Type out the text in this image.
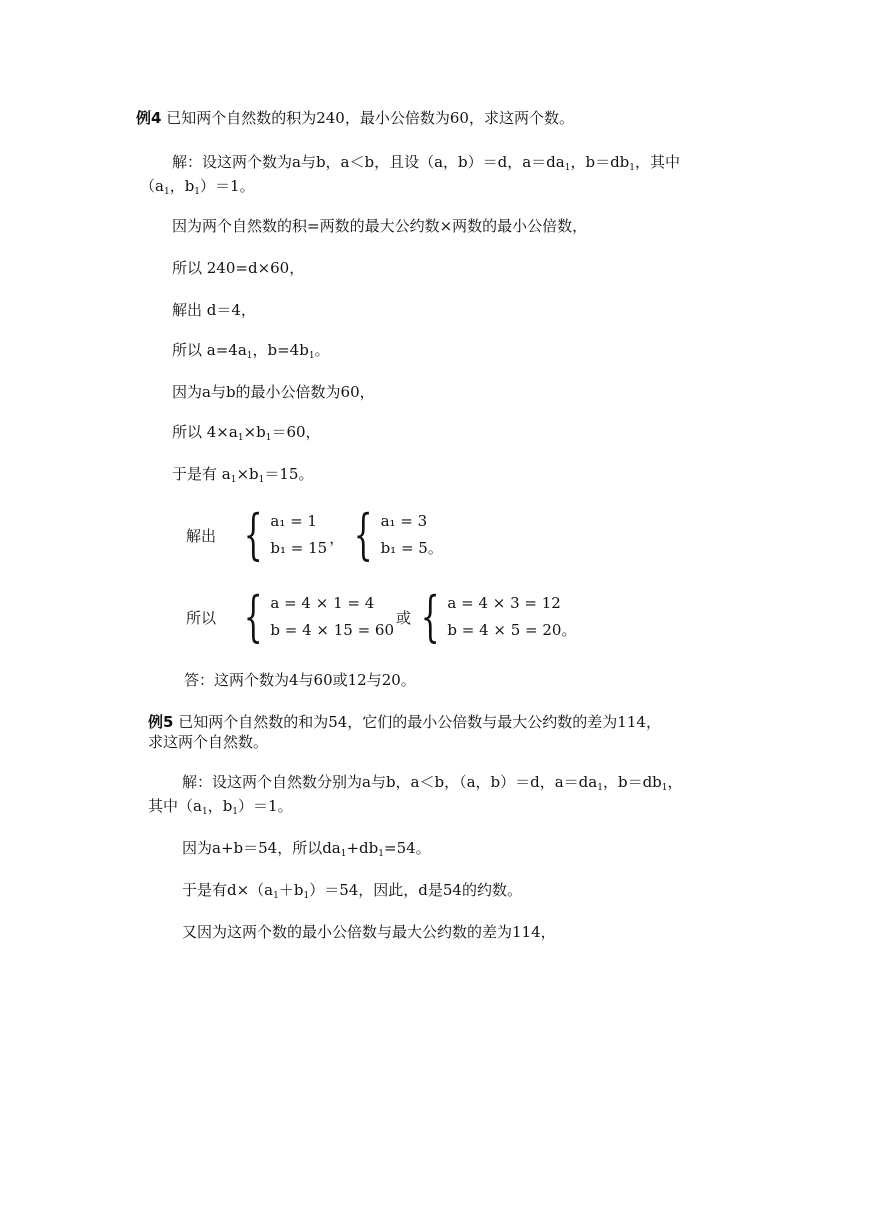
例4 已知两个自然数的积为240，最小公倍数为60，求这两个数。
解：设这两个数为a与b，a＜b，且设（a，b）＝d，$a=da_1$，$b=db_1$，其中
（$a_1$，$b_1)=1$。
因为两个自然数的积=两数的最大公约数×两数的最小公倍数，
所以 240=d×60，
解出 d＝4，
所以 $a=4a_1$，$b=4b_1$。
因为a与b的最小公倍数为60，
所以 $4\times a_1\times b_1=60$，
于是有 $a_1\times b_1=15$。
解出 { a₁ = 1
b₁ = 15
， { a₁ = 3
b₁ = 5。
所以 { a = 4 × 1 = 4
b = 4 × 15 = 60
或 { a = 4 × 3 = 12
b = 4 × 5 = 20。
答：这两个数为4与60或12与20。
例5 已知两个自然数的和为54，它们的最小公倍数与最大公约数的差为114，
求这两个自然数。
解：设这两个自然数分别为a与b，a＜b，（a，b）＝d，$a=da_1$，$b=db_1$，
其中（$a_1$，$b_1)=1$。
因为a+b＝54，所以$da_1+db_1=54$。
于是有$d\times(a_1+b_1)=54$，因此，d是54的约数。
又因为这两个数的最小公倍数与最大公约数的差为114，
